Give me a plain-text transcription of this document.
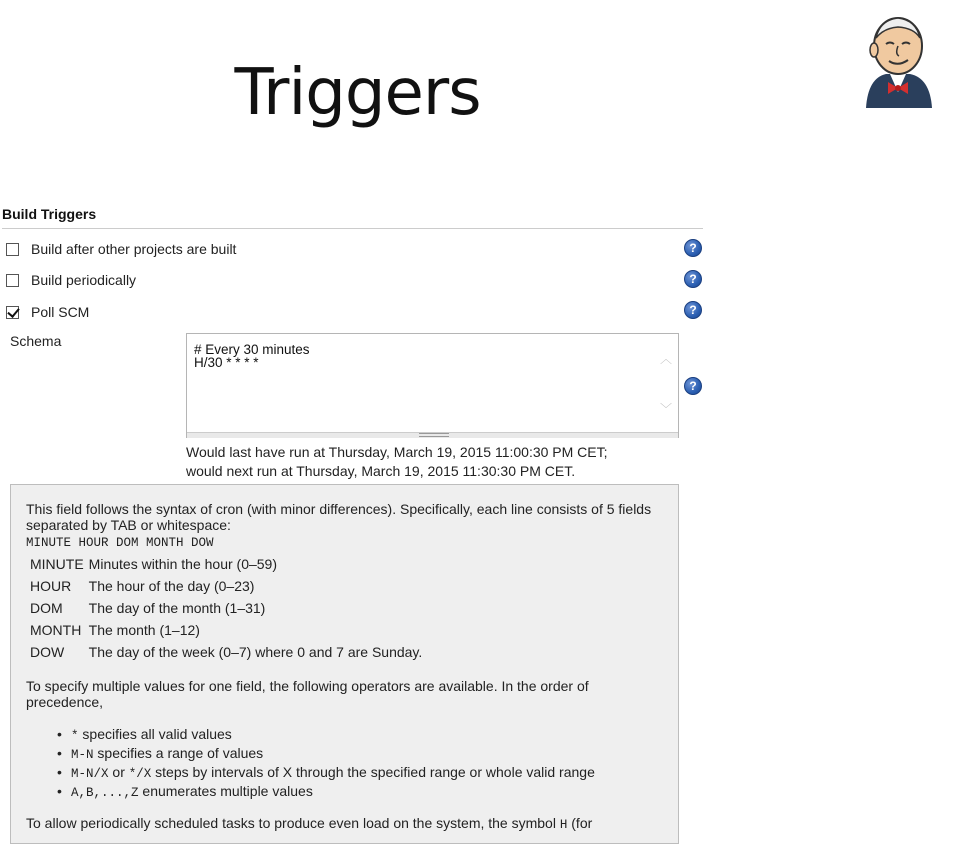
Triggers
Build Triggers
Build after other projects are built	?
Build periodically	?
Poll SCM	?
Schema
# Every 30 minutes
H/30 * * * *	︿
﹀
?
Would last have run at Thursday, March 19, 2015 11:00:30 PM CET;
would next run at Thursday, March 19, 2015 11:30:30 PM CET.
This field follows the syntax of cron (with minor differences). Specifically, each line consists of 5 fields separated by TAB or whitespace:
MINUTE HOUR DOM MONTH DOW
MINUTE	Minutes within the hour (0–59)
HOUR	The hour of the day (0–23)
DOM	The day of the month (1–31)
MONTH	The month (1–12)
DOW	The day of the week (0–7) where 0 and 7 are Sunday.
To specify multiple values for one field, the following operators are available. In the order of precedence,
• * specifies all valid values
• M-N specifies a range of values
• M-N/X or */X steps by intervals of X through the specified range or whole valid range
• A,B,...,Z enumerates multiple values
To allow periodically scheduled tasks to produce even load on the system, the symbol H (for
